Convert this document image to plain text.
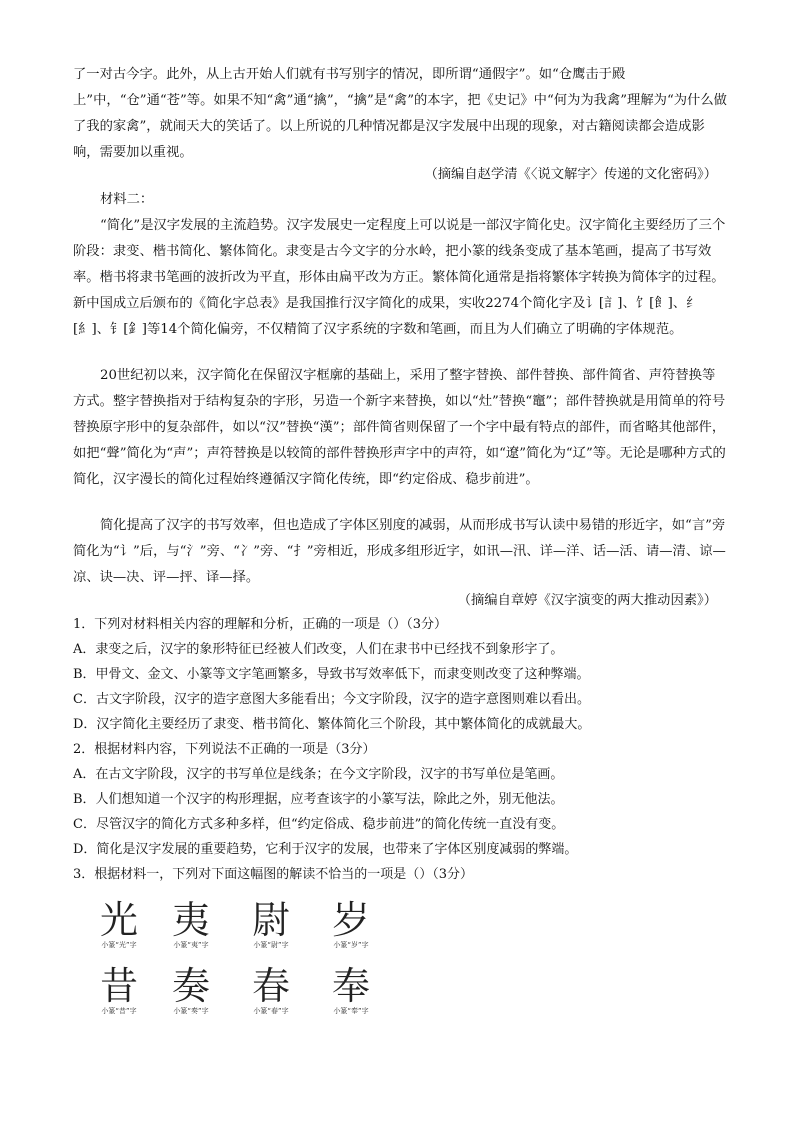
了一对古今字。此外，从上古开始人们就有书写别字的情况，即所谓“通假字”。如“仓鹰击于殿上”中，“仓”通“苍”等。如果不知“禽”通“擒”，“擒”是“禽”的本字，把《史记》中“何为为我禽”理解为“为什么做了我的家禽”，就闹天大的笑话了。以上所说的几种情况都是汉字发展中出现的现象，对古籍阅读都会造成影响，需要加以重视。

（摘编自赵学清《〈说文解字〉传递的文化密码》）

材料二：

“简化”是汉字发展的主流趋势。汉字发展史一定程度上可以说是一部汉字简化史。汉字简化主要经历了三个阶段：隶变、楷书简化、繁体简化。隶变是古今文字的分水岭，把小篆的线条变成了基本笔画，提高了书写效率。楷书将隶书笔画的波折改为平直，形体由扁平改为方正。繁体简化通常是指将繁体字转换为简体字的过程。新中国成立后颁布的《简化字总表》是我国推行汉字简化的成果，实收2274个简化字及讠[訁]、饣[飠]、纟[糹]、钅[釒]等14个简化偏旁，不仅精简了汉字系统的字数和笔画，而且为人们确立了明确的字体规范。

20世纪初以来，汉字简化在保留汉字框廓的基础上，采用了整字替换、部件替换、部件简省、声符替换等方式。整字替换指对于结构复杂的字形，另造一个新字来替换，如以“灶”替换“竈”；部件替换就是用简单的符号替换原字形中的复杂部件，如以“汉”替换“漢”；部件简省则保留了一个字中最有特点的部件，而省略其他部件，如把“聲”简化为“声”；声符替换是以较简的部件替换形声字中的声符，如“遼”简化为“辽”等。无论是哪种方式的简化，汉字漫长的简化过程始终遵循汉字简化传统，即“约定俗成、稳步前进”。

简化提高了汉字的书写效率，但也造成了字体区别度的减弱，从而形成书写认读中易错的形近字，如“言”旁简化为“讠”后，与“氵”旁、“冫”旁、“扌”旁相近，形成多组形近字，如讯—汛、详—洋、话—活、请—清、谅—凉、诀—决、评—抨、译—择。

（摘编自章婷《汉字演变的两大推动因素》）

1．下列对材料相关内容的理解和分析，正确的一项是（）（3分）

A．隶变之后，汉字的象形特征已经被人们改变，人们在隶书中已经找不到象形字了。

B．甲骨文、金文、小篆等文字笔画繁多，导致书写效率低下，而隶变则改变了这种弊端。

C．古文字阶段，汉字的造字意图大多能看出；今文字阶段，汉字的造字意图则难以看出。

D．汉字简化主要经历了隶变、楷书简化、繁体简化三个阶段，其中繁体简化的成就最大。

2．根据材料内容，下列说法不正确的一项是（3分）

A．在古文字阶段，汉字的书写单位是线条；在今文字阶段，汉字的书写单位是笔画。

B．人们想知道一个汉字的构形理据，应考查该字的小篆写法，除此之外，别无他法。

C．尽管汉字的简化方式多种多样，但“约定俗成、稳步前进”的简化传统一直没有变。

D．简化是汉字发展的重要趋势，它利于汉字的发展，也带来了字体区别度减弱的弊端。

3．根据材料一，下列对下面这幅图的解读不恰当的一项是（）（3分）

光
小篆“光”字
夷
小篆“夷”字
尉
小篆“尉”字
岁
小篆“岁”字
昔
小篆“昔”字
奏
小篆“奏”字
春
小篆“春”字
奉
小篆“奉”字
